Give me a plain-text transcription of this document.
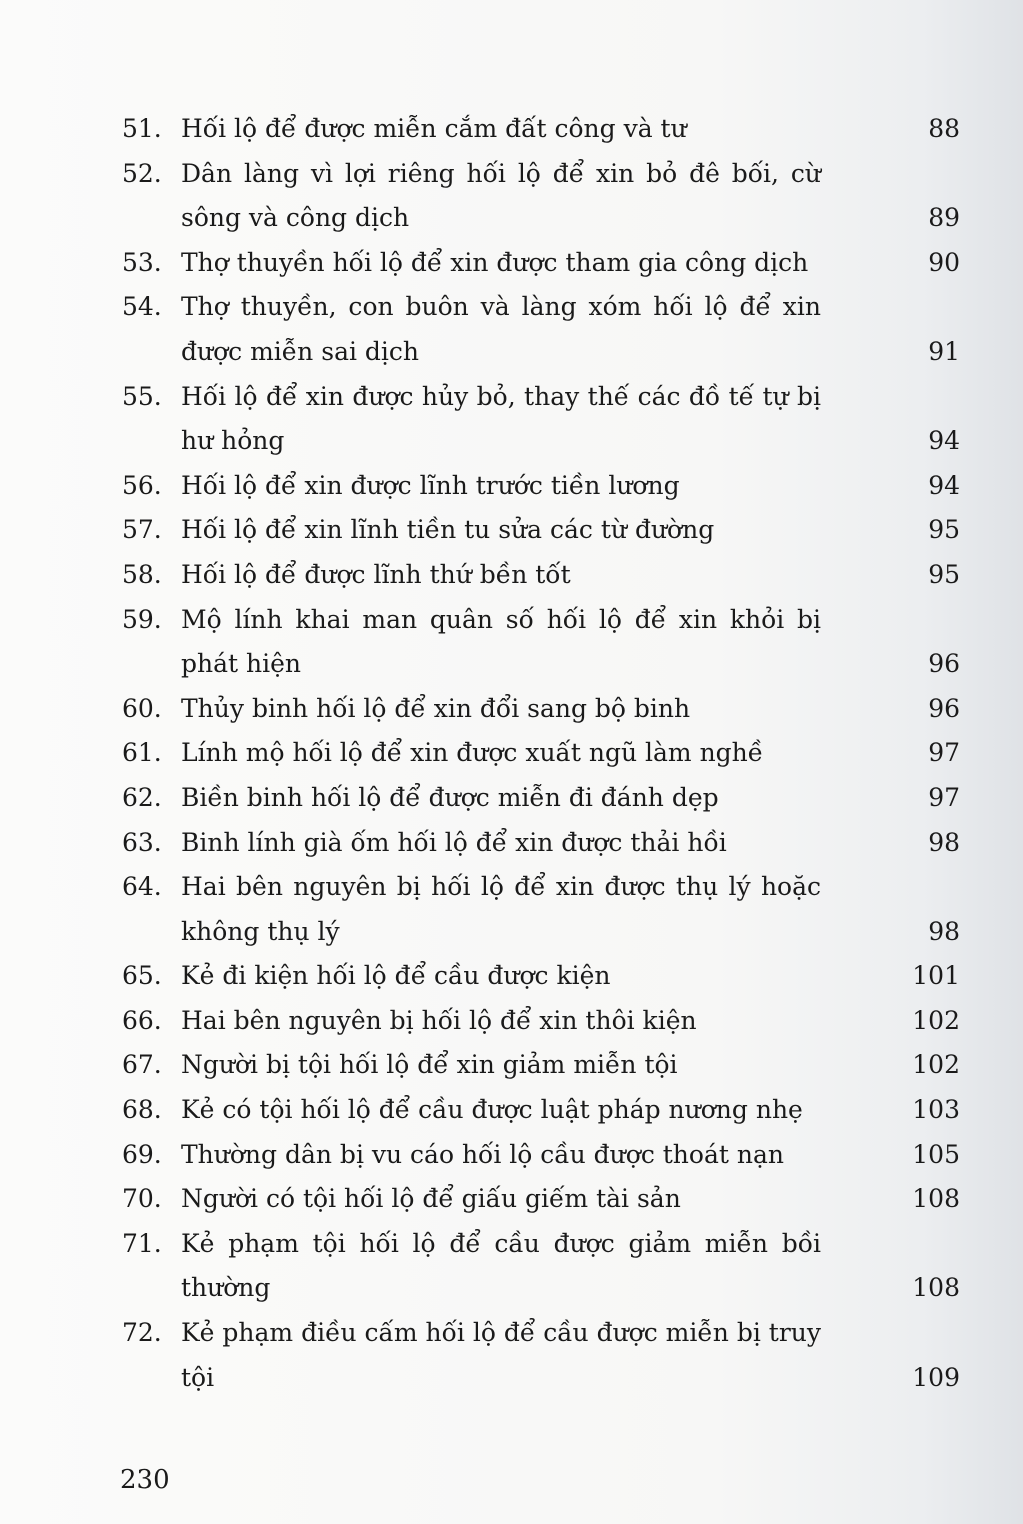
51. Hối lộ để được miễn cắm đất công và tư	88
52. Dân làng vì lợi riêng hối lộ để xin bỏ đê bối, cừ sông và công dịch	89
53. Thợ thuyền hối lộ để xin được tham gia công dịch	90
54. Thợ thuyền, con buôn và làng xóm hối lộ để xin được miễn sai dịch	91
55. Hối lộ để xin được hủy bỏ, thay thế các đồ tế tự bị hư hỏng	94
56. Hối lộ để xin được lĩnh trước tiền lương	94
57. Hối lộ để xin lĩnh tiền tu sửa các từ đường	95
58. Hối lộ để được lĩnh thứ bền tốt	95
59. Mộ lính khai man quân số hối lộ để xin khỏi bị phát hiện	96
60. Thủy binh hối lộ để xin đổi sang bộ binh	96
61. Lính mộ hối lộ để xin được xuất ngũ làm nghề	97
62. Biền binh hối lộ để được miễn đi đánh dẹp	97
63. Binh lính già ốm hối lộ để xin được thải hồi	98
64. Hai bên nguyên bị hối lộ để xin được thụ lý hoặc không thụ lý	98
65. Kẻ đi kiện hối lộ để cầu được kiện	101
66. Hai bên nguyên bị hối lộ để xin thôi kiện	102
67. Người bị tội hối lộ để xin giảm miễn tội	102
68. Kẻ có tội hối lộ để cầu được luật pháp nương nhẹ	103
69. Thường dân bị vu cáo hối lộ cầu được thoát nạn	105
70. Người có tội hối lộ để giấu giếm tài sản	108
71. Kẻ phạm tội hối lộ để cầu được giảm miễn bồi thường	108
72. Kẻ phạm điều cấm hối lộ để cầu được miễn bị truy tội	109
230
